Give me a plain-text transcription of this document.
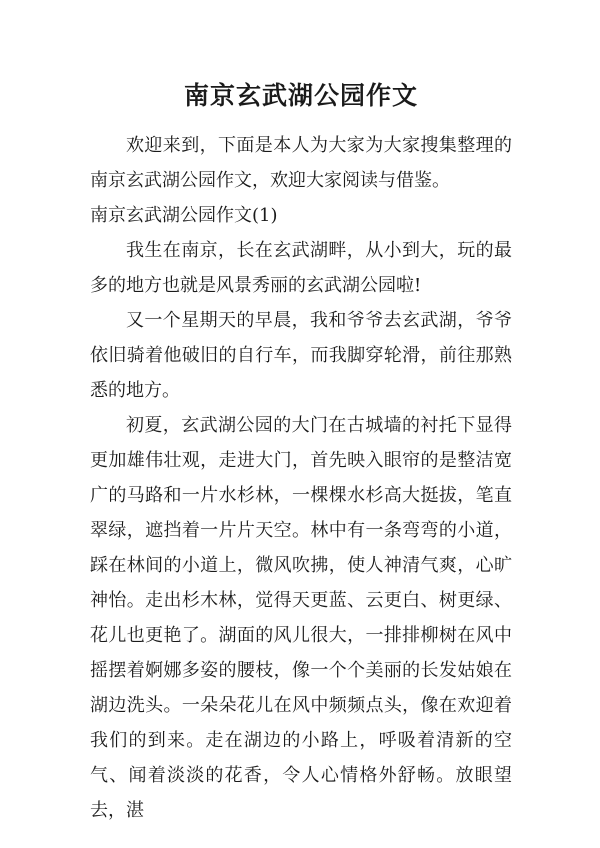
南京玄武湖公园作文

欢迎来到，下面是本人为大家为大家搜集整理的南京玄武湖公园作文，欢迎大家阅读与借鉴。

南京玄武湖公园作文(1)

我生在南京，长在玄武湖畔，从小到大，玩的最多的地方也就是风景秀丽的玄武湖公园啦!

又一个星期天的早晨，我和爷爷去玄武湖，爷爷依旧骑着他破旧的自行车，而我脚穿轮滑，前往那熟悉的地方。

初夏，玄武湖公园的大门在古城墙的衬托下显得更加雄伟壮观，走进大门，首先映入眼帘的是整洁宽广的马路和一片水杉林，一棵棵水杉高大挺拔，笔直翠绿，遮挡着一片片天空。林中有一条弯弯的小道，踩在林间的小道上，微风吹拂，使人神清气爽，心旷神怡。走出杉木林，觉得天更蓝、云更白、树更绿、花儿也更艳了。湖面的风儿很大，一排排柳树在风中摇摆着婀娜多姿的腰枝，像一个个美丽的长发姑娘在湖边洗头。一朵朵花儿在风中频频点头，像在欢迎着我们的到来。走在湖边的小路上，呼吸着清新的空气、闻着淡淡的花香，令人心情格外舒畅。放眼望去，湛
